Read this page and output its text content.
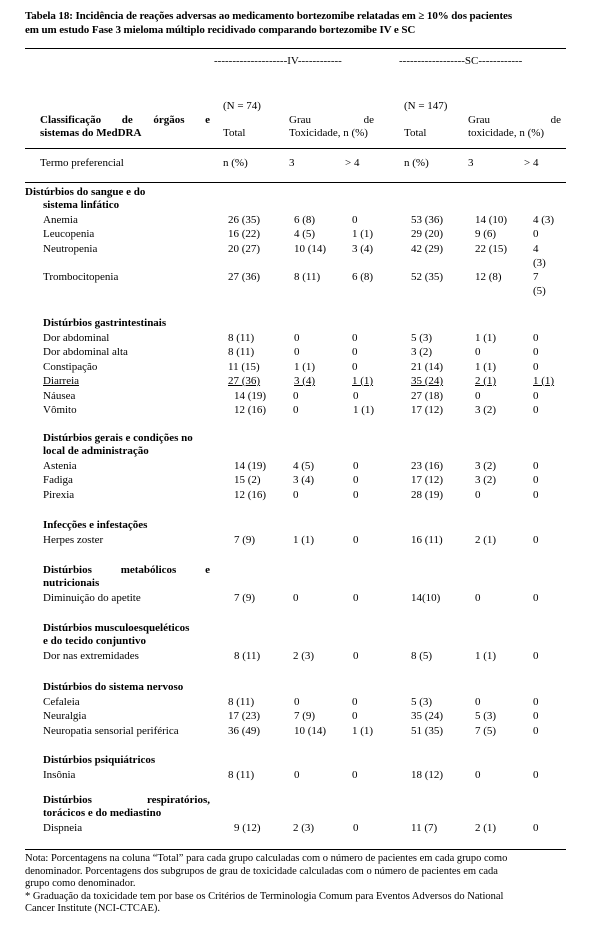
Tabela 18: Incidência de reações adversas ao medicamento bortezomibe relatadas em ≥ 10% dos pacientes
em um estudo Fase 3 mieloma múltiplo recidivado comparando bortezomibe IV e SC
--------------------IV------------	------------------SC------------
(N = 74)	(N = 147)
Classificação de órgãos e
sistemas do MedDRA
Grau	de	Grau	de
Total	Toxicidade, n (%)	Total	toxicidade, n (%)
Termo preferencial	n (%)	3	> 4	n (%)	3	> 4
Distúrbios do sangue e do
sistema linfático
Anemia	26 (35)	6 (8)	0	53 (36)	14 (10) 4 (3)
Leucopenia	16 (22)	4 (5)	1 (1)	29 (20)	9 (6)	0
Neutropenia	20 (27)	10 (14) 3 (4)	42 (29)	22 (15) 4
(3)
Trombocitopenia	27 (36)	8 (11)	6 (8)	52 (35)	12 (8)	7
(5)
Distúrbios gastrintestinais
Dor abdominal	8 (11)	0	0	5 (3)	1 (1)	0
Dor abdominal alta	8 (11)	0	0	3 (2)	0	0
Constipação	11 (15)	1 (1)	0	21 (14)	1 (1)	0
Diarreia	27 (36)	3 (4)	1 (1)	35 (24)	2 (1)	1 (1)
Náusea	14 (19) 0	0	27 (18)	0	0
Vômito	12 (16) 0	1 (1)	17 (12)	3 (2)	0
Distúrbios gerais e condições no
local de administração
Astenia	14 (19) 4 (5)	0	23 (16)	3 (2)	0
Fadiga	15 (2)	3 (4)	0	17 (12)	3 (2)	0
Pirexia	12 (16) 0	0	28 (19)	0	0
Infecções e infestações
Herpes zoster	7 (9)	1 (1)	0	16 (11)	2 (1)	0
Distúrbios	metabólicos	e
nutricionais
Diminuição do apetite	7 (9)	0	0	14(10)	0	0
Distúrbios musculoesqueléticos
e do tecido conjuntivo
Dor nas extremidades	8 (11)	2 (3)	0	8 (5)	1 (1)	0
Distúrbios do sistema nervoso
Cefaleia	8 (11)	0	0	5 (3)	0	0
Neuralgia	17 (23)	7 (9)	0	35 (24)	5 (3)	0
Neuropatia sensorial periférica	36 (49)	10 (14) 1 (1)	51 (35)	7 (5)	0
Distúrbios psiquiátricos
Insônia	8 (11)	0	0	18 (12)	0	0
Distúrbios	respiratórios,
torácicos e do mediastino
Dispneia	9 (12)	2 (3)	0	11 (7)	2 (1)	0
Nota: Porcentagens na coluna “Total” para cada grupo calculadas com o número de pacientes em cada grupo como
denominador. Porcentagens dos subgrupos de grau de toxicidade calculadas com o número de pacientes em cada
grupo como denominador.
* Graduação da toxicidade tem por base os Critérios de Terminologia Comum para Eventos Adversos do National
Cancer Institute (NCI-CTCAE).
